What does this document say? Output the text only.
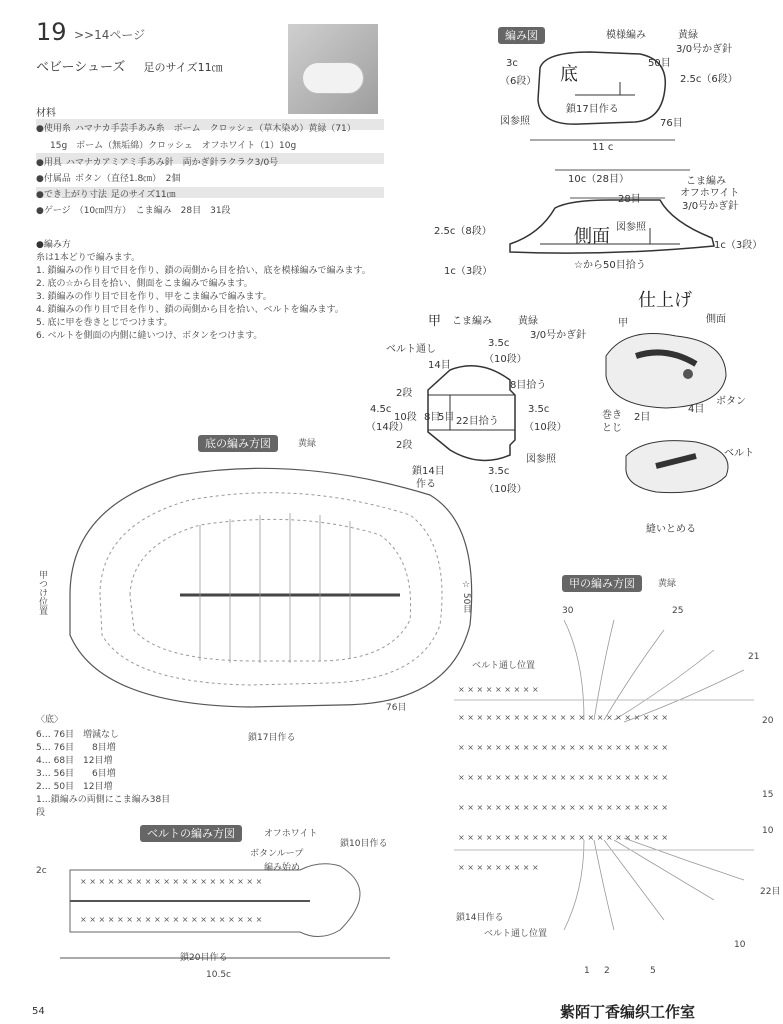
19 >>14ページ
ベビーシューズ 足のサイズ11㎝
材料
●使用糸 ハマナカ手芸手あみ糸　ボーム　クロッシェ（草木染め）黄緑（71）
15g　ボーム（無垢綿）クロッシェ　オフホワイト（1）10g
●用具 ハマナカアミアミ手あみ針　両かぎ針ラクラク3/0号
●付属品 ボタン（直径1.8㎝）　2個
●でき上がり寸法 足のサイズ11㎝
●ゲージ （10㎝四方）　こま編み　28目　31段
●編み方
糸は1本どりで編みます。
1. 鎖編みの作り目で目を作り、鎖の両側から目を拾い、底を模様編みで編みます。
2. 底の☆から目を拾い、側面をこま編みで編みます。
3. 鎖編みの作り目で目を作り、甲をこま編みで編みます。
4. 鎖編みの作り目で目を作り、鎖の両側から目を拾い、ベルトを編みます。
5. 底に甲を巻きとじでつけます。
6. ベルトを側面の内側に縫いつけ、ボタンをつけます。
編み図
底
模様編み	黄緑
3/0号かぎ針
50目
2.5c（6段）
3c
（6段）
鎖17目作る
図参照	76目
11 c
10c（28目）
28目
側面 図参照
2.5c（8段）
1c（3段）
1c（3段）
☆から50目拾う
こま編み
オフホワイト
3/0号かぎ針
甲 こま編み	黄緑
3/0号かぎ針
ベルト通し
14目
3.5c
（10段）
8目拾う
2段
4.5c
（14段）
10段 8目
5目 22目拾う
3.5c
（10段）
2段
鎖14目
作る
3.5c
（10段）
図参照
仕上げ
甲	側面
巻き
とじ
2目
4目
ボタン
ベルト
縫いとめる
底の編み方図	黄緑
甲つけ位置	☆ 50目
鎖17目作る
76目
〈底〉
6… 76目　増減なし
5… 76目　　8目増
4… 68目　12目増
3… 56目　　6目増
2… 50目　12目増
1…鎖編みの両側にこま編み38目
段
ベルトの編み方図	オフホワイト
× × × × × × × × × × × × × × × × × × × ×
× × × × × × × × × × × × × × × × × × × ×
ボタンループ
編み始め
鎖10目作る
鎖20目作る
2c
10.5c
甲の編み方図	黄緑
× × × × × × × × ×
× × × × × × × × × × × × × × × × × × × × × × ×
× × × × × × × × × × × × × × × × × × × × × × ×
× × × × × × × × × × × × × × × × × × × × × × ×
× × × × × × × × × × × × × × × × × × × × × × ×
× × × × × × × × × × × × × × × × × × × × × × ×
× × × × × × × × ×
ベルト通し位置
ベルト通し位置
鎖14目作る
30	25
21
20
15
10
22目
10
1 2	5
54	紫陌丁香编织工作室
